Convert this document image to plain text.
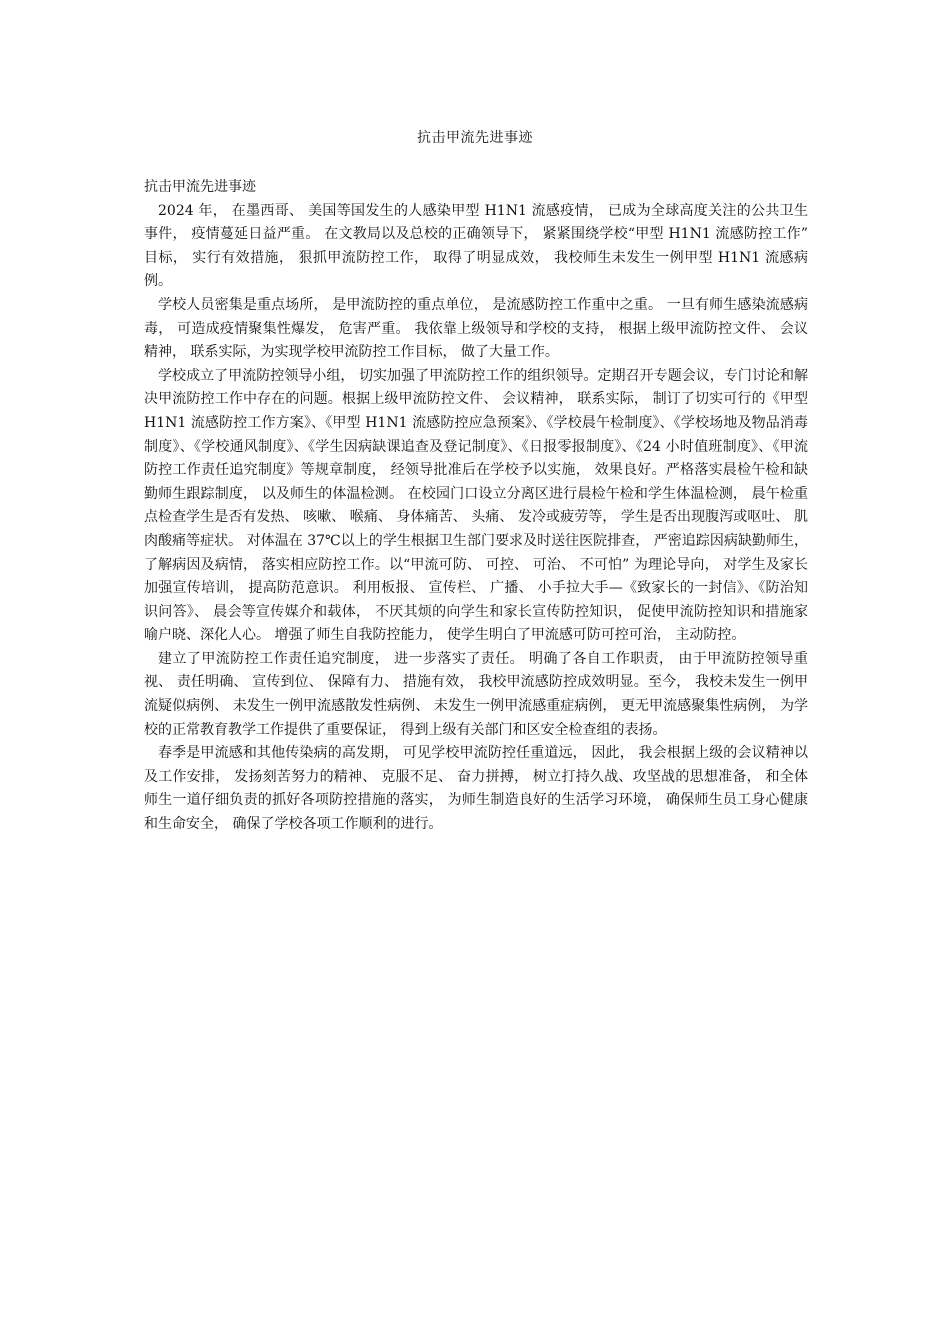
抗击甲流先进事迹

抗击甲流先进事迹

2024 年， 在墨西哥、 美国等国发生的人感染甲型 H1N1 流感疫情， 已成为全球高度关注的公共卫生事件， 疫情蔓延日益严重。 在文教局以及总校的正确领导下， 紧紧围绕学校“甲型 H1N1 流感防控工作” 目标， 实行有效措施， 狠抓甲流防控工作， 取得了明显成效， 我校师生未发生一例甲型 H1N1 流感病例。

学校人员密集是重点场所， 是甲流防控的重点单位， 是流感防控工作重中之重。 一旦有师生感染流感病毒， 可造成疫情聚集性爆发， 危害严重。 我依靠上级领导和学校的支持， 根据上级甲流防控文件、 会议精神， 联系实际，为实现学校甲流防控工作目标， 做了大量工作。

学校成立了甲流防控领导小组， 切实加强了甲流防控工作的组织领导。定期召开专题会议，专门讨论和解决甲流防控工作中存在的问题。根据上级甲流防控文件、 会议精神， 联系实际， 制订了切实可行的《甲型 H1N1 流感防控工作方案》、《甲型 H1N1 流感防控应急预案》、《学校晨午检制度》、《学校场地及物品消毒制度》、《学校通风制度》、《学生因病缺课追查及登记制度》、《日报零报制度》、《24 小时值班制度》、《甲流防控工作责任追究制度》等规章制度， 经领导批准后在学校予以实施， 效果良好。严格落实晨检午检和缺勤师生跟踪制度， 以及师生的体温检测。 在校园门口设立分离区进行晨检午检和学生体温检测， 晨午检重点检查学生是否有发热、 咳嗽、 喉痛、 身体痛苦、 头痛、 发冷或疲劳等， 学生是否出现腹泻或呕吐、 肌肉酸痛等症状。 对体温在 37℃以上的学生根据卫生部门要求及时送往医院排查， 严密追踪因病缺勤师生， 了解病因及病情， 落实相应防控工作。以“甲流可防、 可控、 可治、 不可怕” 为理论导向， 对学生及家长加强宣传培训， 提高防范意识。 利用板报、 宣传栏、 广播、 小手拉大手—《致家长的一封信》、《防治知识问答》、 晨会等宣传媒介和载体， 不厌其烦的向学生和家长宣传防控知识， 促使甲流防控知识和措施家喻户晓、深化人心。 增强了师生自我防控能力， 使学生明白了甲流感可防可控可治， 主动防控。

建立了甲流防控工作责任追究制度， 进一步落实了责任。 明确了各自工作职责， 由于甲流防控领导重视、 责任明确、 宣传到位、 保障有力、 措施有效， 我校甲流感防控成效明显。至今， 我校未发生一例甲流疑似病例、 未发生一例甲流感散发性病例、 未发生一例甲流感重症病例， 更无甲流感聚集性病例， 为学校的正常教育教学工作提供了重要保证， 得到上级有关部门和区安全检查组的表扬。

春季是甲流感和其他传染病的高发期， 可见学校甲流防控任重道远， 因此， 我会根据上级的会议精神以及工作安排， 发扬刻苦努力的精神、 克服不足、 奋力拼搏， 树立打持久战、攻坚战的思想准备， 和全体师生一道仔细负责的抓好各项防控措施的落实， 为师生制造良好的生活学习环境， 确保师生员工身心健康和生命安全， 确保了学校各项工作顺利的进行。
